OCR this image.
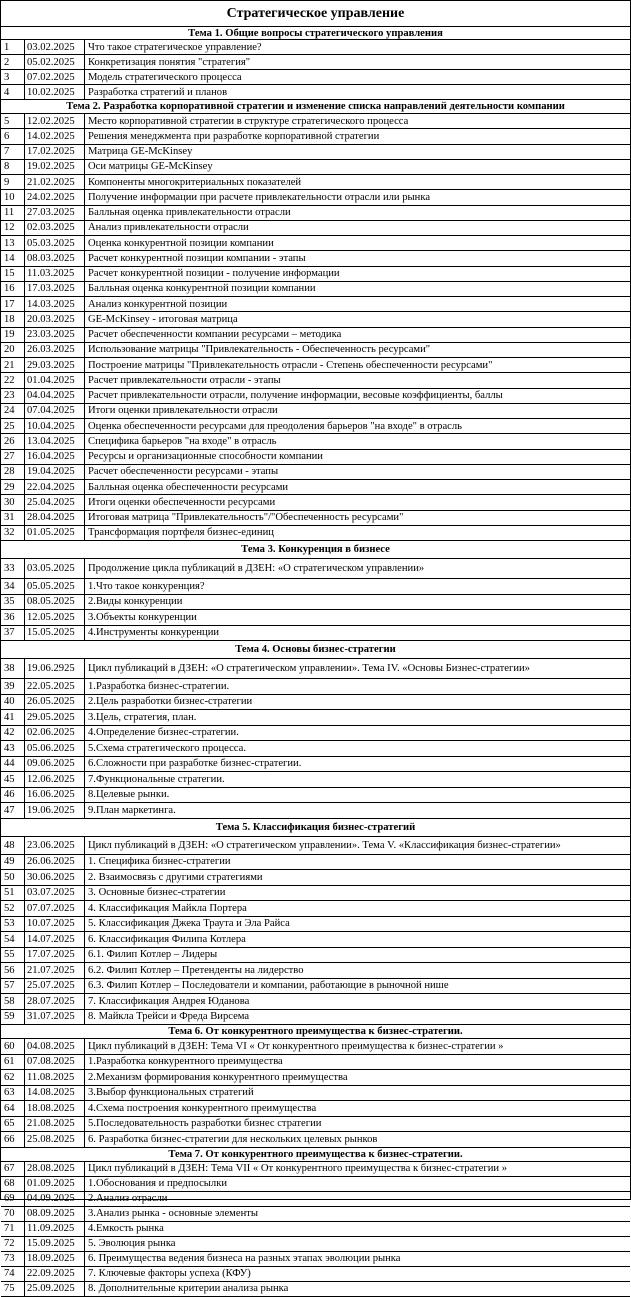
Стратегическое управление
Тема 1. Общие вопросы стратегического управления
1	03.02.2025	Что такое стратегическое управление?
2	05.02.2025	Конкретизация понятия "стратегия"
3	07.02.2025	Модель стратегического процесса
4	10.02.2025	Разработка стратегий и планов
Тема 2. Разработка корпоративной стратегии и изменение списка направлений деятельности компании
5	12.02.2025	Место корпоративной стратегии в структуре стратегического процесса
6	14.02.2025	Решения менеджмента при разработке корпоративной стратегии
7	17.02.2025	Матрица GE-McKinsey
8	19.02.2025	Оси матрицы GE-McKinsey
9	21.02.2025	Компоненты многокритериальных показателей
10	24.02.2025	Получение информации при расчете привлекательности отрасли или рынка
11	27.03.2025	Балльная оценка привлекательности отрасли
12	02.03.2025	Анализ привлекательности отрасли
13	05.03.2025	Оценка конкурентной позиции компании
14	08.03.2025	Расчет конкурентной позиции компании - этапы
15	11.03.2025	Расчет конкурентной позиции - получение информации
16	17.03.2025	Балльная оценка конкурентной позиции компании
17	14.03.2025	Анализ конкурентной позиции
18	20.03.2025	GE-McKinsey - итоговая матрица
19	23.03.2025	Расчет обеспеченности компании ресурсами – методика
20	26.03.2025	Использование матрицы "Привлекательность - Обеспеченность ресурсами"
21	29.03.2025	Построение матрицы "Привлекательность отрасли - Степень обеспеченности ресурсами"
22	01.04.2025	Расчет привлекательности отрасли - этапы
23	04.04.2025	Расчет привлекательности отрасли, получение информации, весовые коэффициенты, баллы
24	07.04.2025	Итоги оценки привлекательности отрасли
25	10.04.2025	Оценка обеспеченности ресурсами для преодоления барьеров "на входе" в отрасль
26	13.04.2025	Специфика барьеров "на входе" в отрасль
27	16.04.2025	Ресурсы и организационные способности компании
28	19.04.2025	Расчет обеспеченности ресурсами - этапы
29	22.04.2025	Балльная оценка обеспеченности ресурсами
30	25.04.2025	Итоги оценки обеспеченности ресурсами
31	28.04.2025	Итоговая матрица "Привлекательность"/"Обеспеченность ресурсами"
32	01.05.2025	Трансформация портфеля бизнес-единиц
Тема 3. Конкуренция в бизнесе
33	03.05.2025	Продолжение цикла публикаций в ДЗЕН: «О стратегическом управлении»
34	05.05.2025	1.Что такое конкуренция?
35	08.05.2025	2.Виды конкуренции
36	12.05.2025	3.Объекты конкуренции
37	15.05.2025	4.Инструменты конкуренции
Тема 4. Основы бизнес-стратегии
38	19.06.2925	Цикл публикаций в ДЗЕН: «О стратегическом управлении». Тема IV. «Основы Бизнес-стратегии»
39	22.05.2025	1.Разработка бизнес-стратегии.
40	26.05.2025	2.Цель разработки бизнес-стратегии
41	29.05.2025	3.Цель, стратегия, план.
42	02.06.2025	4.Определение бизнес-стратегии.
43	05.06.2025	5.Схема стратегического процесса.
44	09.06.2025	6.Сложности при разработке бизнес-стратегии.
45	12.06.2025	7.Функциональные стратегии.
46	16.06.2025	8.Целевые рынки.
47	19.06.2025	9.План маркетинга.
Тема 5. Классификация бизнес-стратегий
48	23.06.2025	Цикл публикаций в ДЗЕН: «О стратегическом управлении». Тема V. «Классификация бизнес-стратегии»
49	26.06.2025	1. Специфика бизнес-стратегии
50	30.06.2025	2. Взаимосвязь с другими стратегиями
51	03.07.2025	3. Основные бизнес-стратегии
52	07.07.2025	4. Классификация Майкла Портера
53	10.07.2025	5. Классификация Джека Траута и Эла Райса
54	14.07.2025	6. Классификация Филипа Котлера
55	17.07.2025	6.1. Филип Котлер – Лидеры
56	21.07.2025	6.2. Филип Котлер – Претенденты на лидерство
57	25.07.2025	6.3. Филип Котлер – Последователи и компании, работающие в рыночной нише
58	28.07.2025	7. Классификация Андрея Юданова
59	31.07.2025	8. Майкла Трейси и Фреда Вирсема
Тема 6. От конкурентного преимущества к бизнес-стратегии.
60	04.08.2025	Цикл публикаций в ДЗЕН: Тема VI « От конкурентного преимущества к бизнес-стратегии »
61	07.08.2025	1.Разработка конкурентного преимущества
62	11.08.2025	2.Механизм формирования конкурентного преимущества
63	14.08.2025	3.Выбор функциональных стратегий
64	18.08.2025	4.Схема построения конкурентного преимущества
65	21.08.2025	5.Последовательность разработки бизнес стратегии
66	25.08.2025	6. Разработка бизнес-стратегии для нескольких целевых рынков
Тема 7. От конкурентного преимущества к бизнес-стратегии.
67	28.08.2025	Цикл публикаций в ДЗЕН: Тема VII « От конкурентного преимущества к бизнес-стратегии »
68	01.09.2025	1.Обоснования и предпосылки
69	04.09.2025	2.Анализ отрасли
70	08.09.2025	3.Анализ рынка - основные элементы
71	11.09.2025	4.Емкость рынка
72	15.09.2025	5. Эволюция рынка
73	18.09.2025	6. Преимущества ведения бизнеса на разных этапах эволюции рынка
74	22.09.2025	7. Ключевые факторы успеха (КФУ)
75	25.09.2025	8. Дополнительные критерии анализа рынка
